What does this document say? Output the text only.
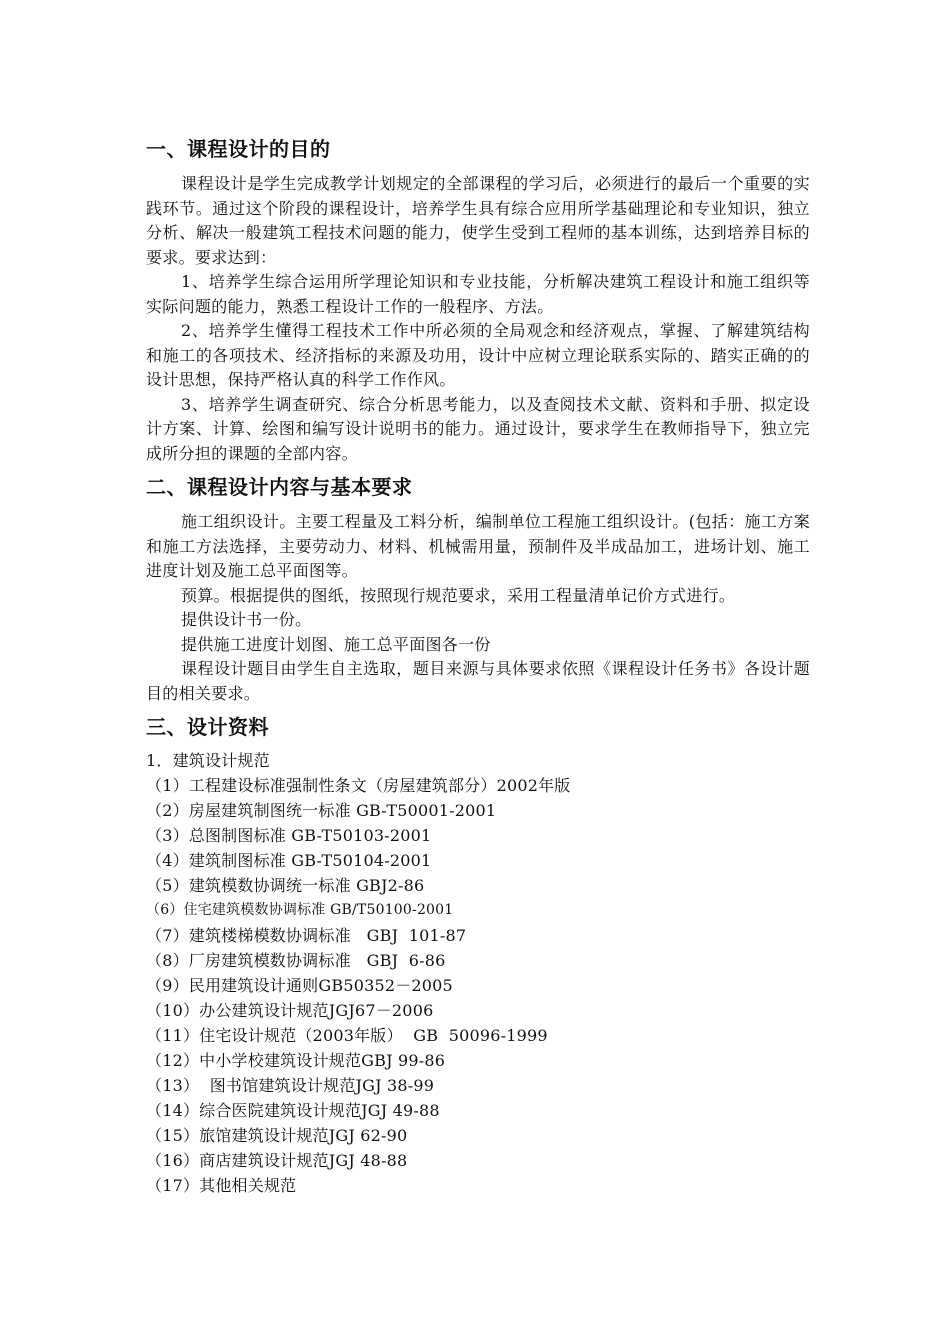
一、课程设计的目的

课程设计是学生完成教学计划规定的全部课程的学习后，必须进行的最后一个重要的实践环节。通过这个阶段的课程设计，培养学生具有综合应用所学基础理论和专业知识，独立分析、解决一般建筑工程技术问题的能力，使学生受到工程师的基本训练，达到培养目标的要求。要求达到：

1、培养学生综合运用所学理论知识和专业技能，分析解决建筑工程设计和施工组织等实际问题的能力，熟悉工程设计工作的一般程序、方法。

2、培养学生懂得工程技术工作中所必须的全局观念和经济观点，掌握、了解建筑结构和施工的各项技术、经济指标的来源及功用，设计中应树立理论联系实际的、踏实正确的的设计思想，保持严格认真的科学工作作风。

3、培养学生调查研究、综合分析思考能力，以及查阅技术文献、资料和手册、拟定设计方案、计算、绘图和编写设计说明书的能力。通过设计，要求学生在教师指导下，独立完成所分担的课题的全部内容。

二、课程设计内容与基本要求

施工组织设计。主要工程量及工料分析，编制单位工程施工组织设计。(包括：施工方案和施工方法选择，主要劳动力、材料、机械需用量，预制件及半成品加工，进场计划、施工进度计划及施工总平面图等。

预算。根据提供的图纸，按照现行规范要求，采用工程量清单记价方式进行。

提供设计书一份。

提供施工进度计划图、施工总平面图各一份

课程设计题目由学生自主选取，题目来源与具体要求依照《课程设计任务书》各设计题目的相关要求。

三、设计资料

1．建筑设计规范

（1）工程建设标准强制性条文（房屋建筑部分）2002年版

（2）房屋建筑制图统一标准 GB-T50001-2001

（3）总图制图标准 GB-T50103-2001

（4）建筑制图标准 GB-T50104-2001

（5）建筑模数协调统一标准 GBJ2-86

（6）住宅建筑模数协调标准 GB/T50100-2001

（7）建筑楼梯模数协调标准   GBJ  101-87

（8）厂房建筑模数协调标准   GBJ  6-86

（9）民用建筑设计通则GB50352－2005

（10）办公建筑设计规范JGJ67－2006

（11）住宅设计规范（2003年版）  GB  50096-1999

（12）中小学校建筑设计规范GBJ 99-86

（13）  图书馆建筑设计规范JGJ 38-99

（14）综合医院建筑设计规范JGJ 49-88

（15）旅馆建筑设计规范JGJ 62-90

（16）商店建筑设计规范JGJ 48-88

（17）其他相关规范
